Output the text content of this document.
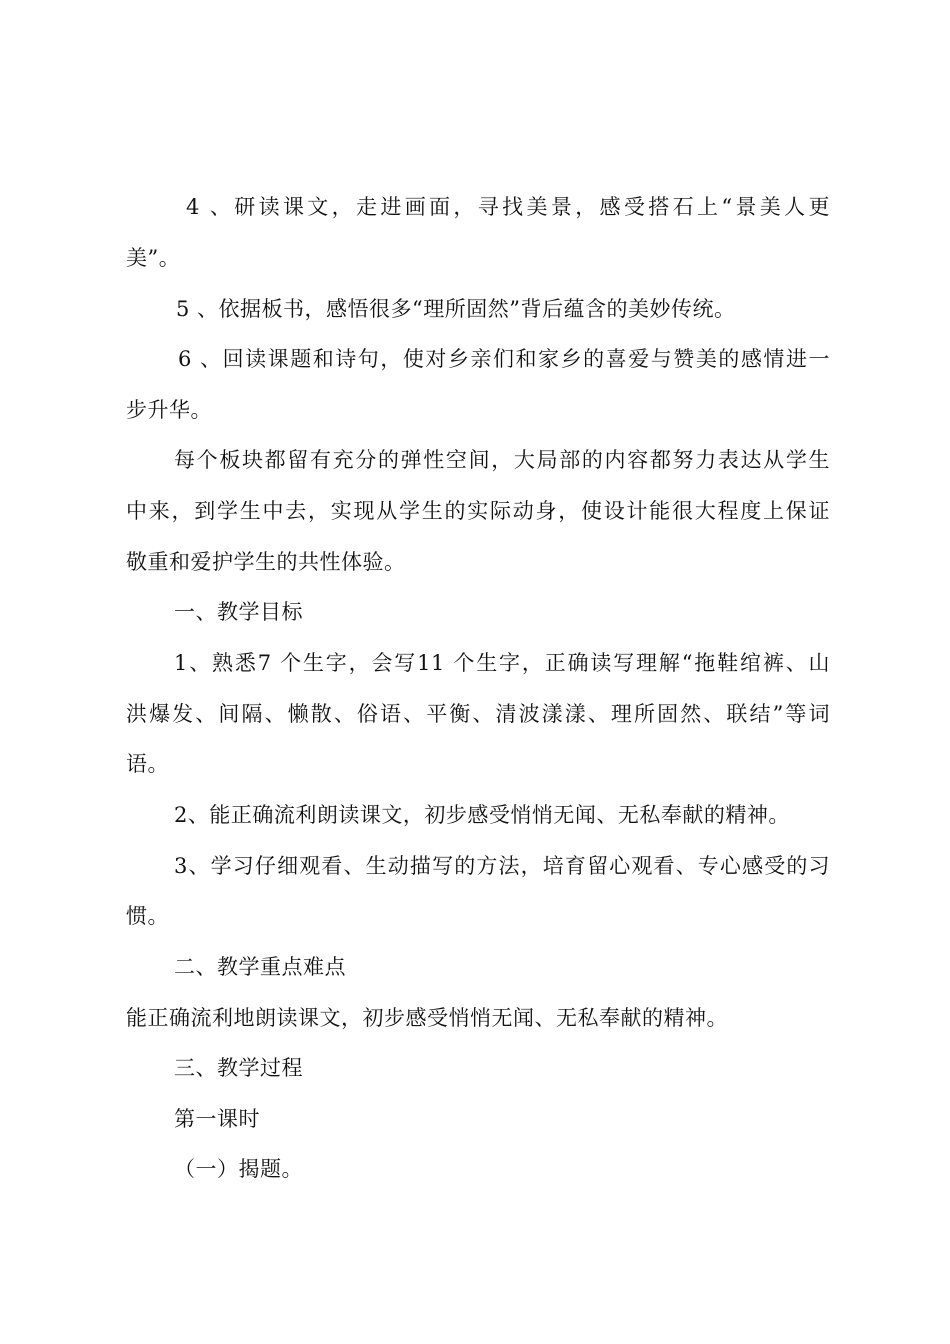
4 、研读课文，走进画面，寻找美景，感受搭石上“景美人更
美”。
5 、依据板书，感悟很多“理所固然”背后蕴含的美妙传统。
6 、回读课题和诗句，使对乡亲们和家乡的喜爱与赞美的感情进一
步升华。
每个板块都留有充分的弹性空间，大局部的内容都努力表达从学生
中来，到学生中去，实现从学生的实际动身，使设计能很大程度上保证
敬重和爱护学生的共性体验。
一、教学目标
1、熟悉7 个生字，会写11 个生字，正确读写理解“拖鞋绾裤、山
洪爆发、间隔、懒散、俗语、平衡、清波漾漾、理所固然、联结”等词
语。
2、能正确流利朗读课文，初步感受悄悄无闻、无私奉献的精神。
3、学习仔细观看、生动描写的方法，培育留心观看、专心感受的习
惯。
二、教学重点难点
能正确流利地朗读课文，初步感受悄悄无闻、无私奉献的精神。
三、教学过程
第一课时
（一）揭题。
